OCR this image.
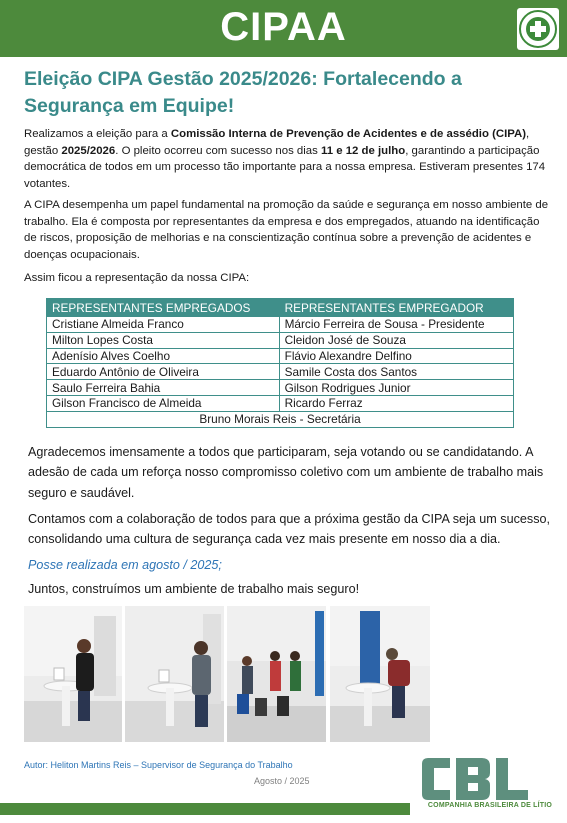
CIPAA
Eleição CIPA Gestão 2025/2026: Fortalecendo a Segurança em Equipe!

Realizamos a eleição para a Comissão Interna de Prevenção de Acidentes e de assédio (CIPA), gestão 2025/2026. O pleito ocorreu com sucesso nos dias 11 e 12 de julho, garantindo a participação democrática de todos em um processo tão importante para a nossa empresa. Estiveram presentes 174 votantes.

A CIPA desempenha um papel fundamental na promoção da saúde e segurança em nosso ambiente de trabalho. Ela é composta por representantes da empresa e dos empregados, atuando na identificação de riscos, proposição de melhorias e na conscientização contínua sobre a prevenção de acidentes e doenças ocupacionais.

Assim ficou a representação da nossa CIPA:

REPRESENTANTES EMPREGADOS	REPRESENTANTES EMPREGADOR
Cristiane Almeida Franco	Márcio Ferreira de Sousa - Presidente
Milton Lopes Costa	Cleidon José de Souza
Adenísio Alves Coelho	Flávio Alexandre Delfino
Eduardo Antônio de Oliveira	Samile Costa dos Santos
Saulo Ferreira Bahia	Gilson Rodrigues Junior
Gilson Francisco de Almeida	Ricardo Ferraz
Bruno Morais Reis - Secretária	

Agradecemos imensamente a todos que participaram, seja votando ou se candidatando. A adesão de cada um reforça nosso compromisso coletivo com um ambiente de trabalho mais seguro e saudável.

Contamos com a colaboração de todos para que a próxima gestão da CIPA seja um sucesso, consolidando uma cultura de segurança cada vez mais presente em nosso dia a dia.

Posse realizada em agosto / 2025;
Juntos, construímos um ambiente de trabalho mais seguro!
Autor: Heliton Martins Reis – Supervisor de Segurança do Trabalho
Agosto / 2025
COMPANHIA BRASILEIRA DE LÍTIO
